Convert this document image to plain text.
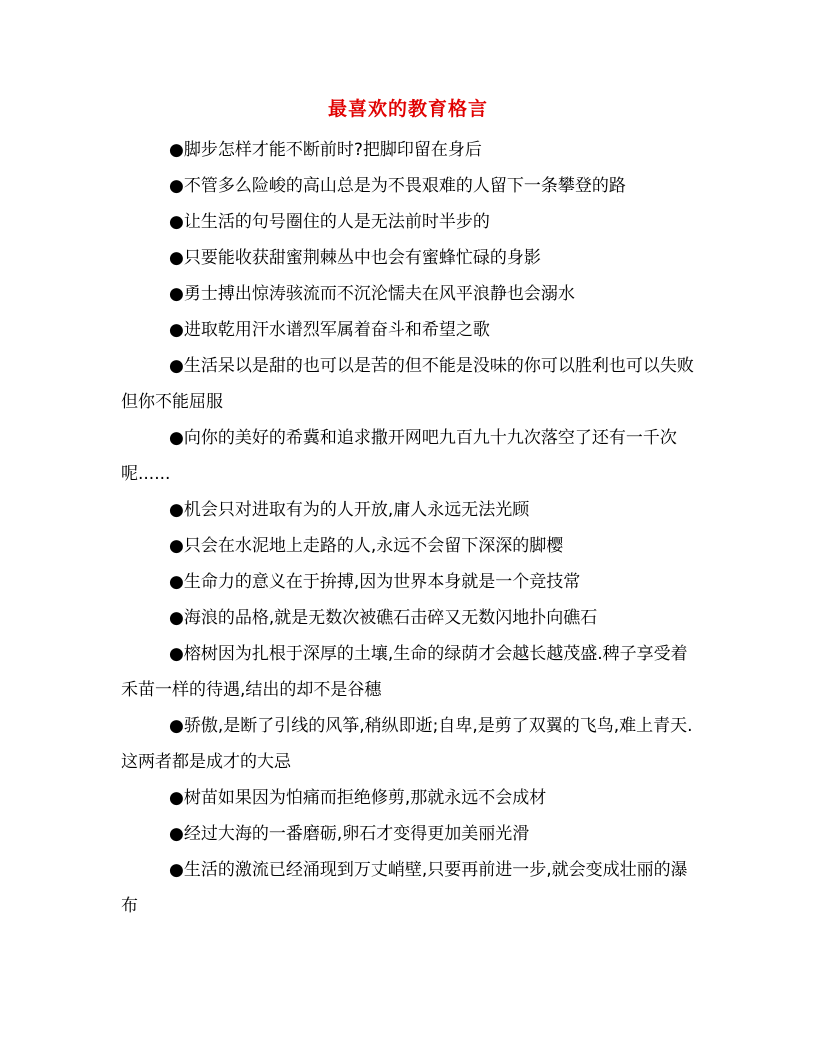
最喜欢的教育格言

●脚步怎样才能不断前时?把脚印留在身后

●不管多么险峻的高山总是为不畏艰难的人留下一条攀登的路

●让生活的句号圈住的人是无法前时半步的

●只要能收获甜蜜荆棘丛中也会有蜜蜂忙碌的身影

●勇士搏出惊涛骇流而不沉沦懦夫在风平浪静也会溺水

●进取乾用汗水谱烈军属着奋斗和希望之歌

●生活呆以是甜的也可以是苦的但不能是没味的你可以胜利也可以失败但你不能屈服

●向你的美好的希冀和追求撒开网吧九百九十九次落空了还有一千次呢......

●机会只对进取有为的人开放,庸人永远无法光顾

●只会在水泥地上走路的人,永远不会留下深深的脚樱

●生命力的意义在于拚搏,因为世界本身就是一个竞技常

●海浪的品格,就是无数次被礁石击碎又无数闪地扑向礁石

●榕树因为扎根于深厚的土壤,生命的绿荫才会越长越茂盛.稗子享受着禾苗一样的待遇,结出的却不是谷穗

●骄傲,是断了引线的风筝,稍纵即逝;自卑,是剪了双翼的飞鸟,难上青天.这两者都是成才的大忌

●树苗如果因为怕痛而拒绝修剪,那就永远不会成材

●经过大海的一番磨砺,卵石才变得更加美丽光滑

●生活的激流已经涌现到万丈峭壁,只要再前进一步,就会变成壮丽的瀑布
